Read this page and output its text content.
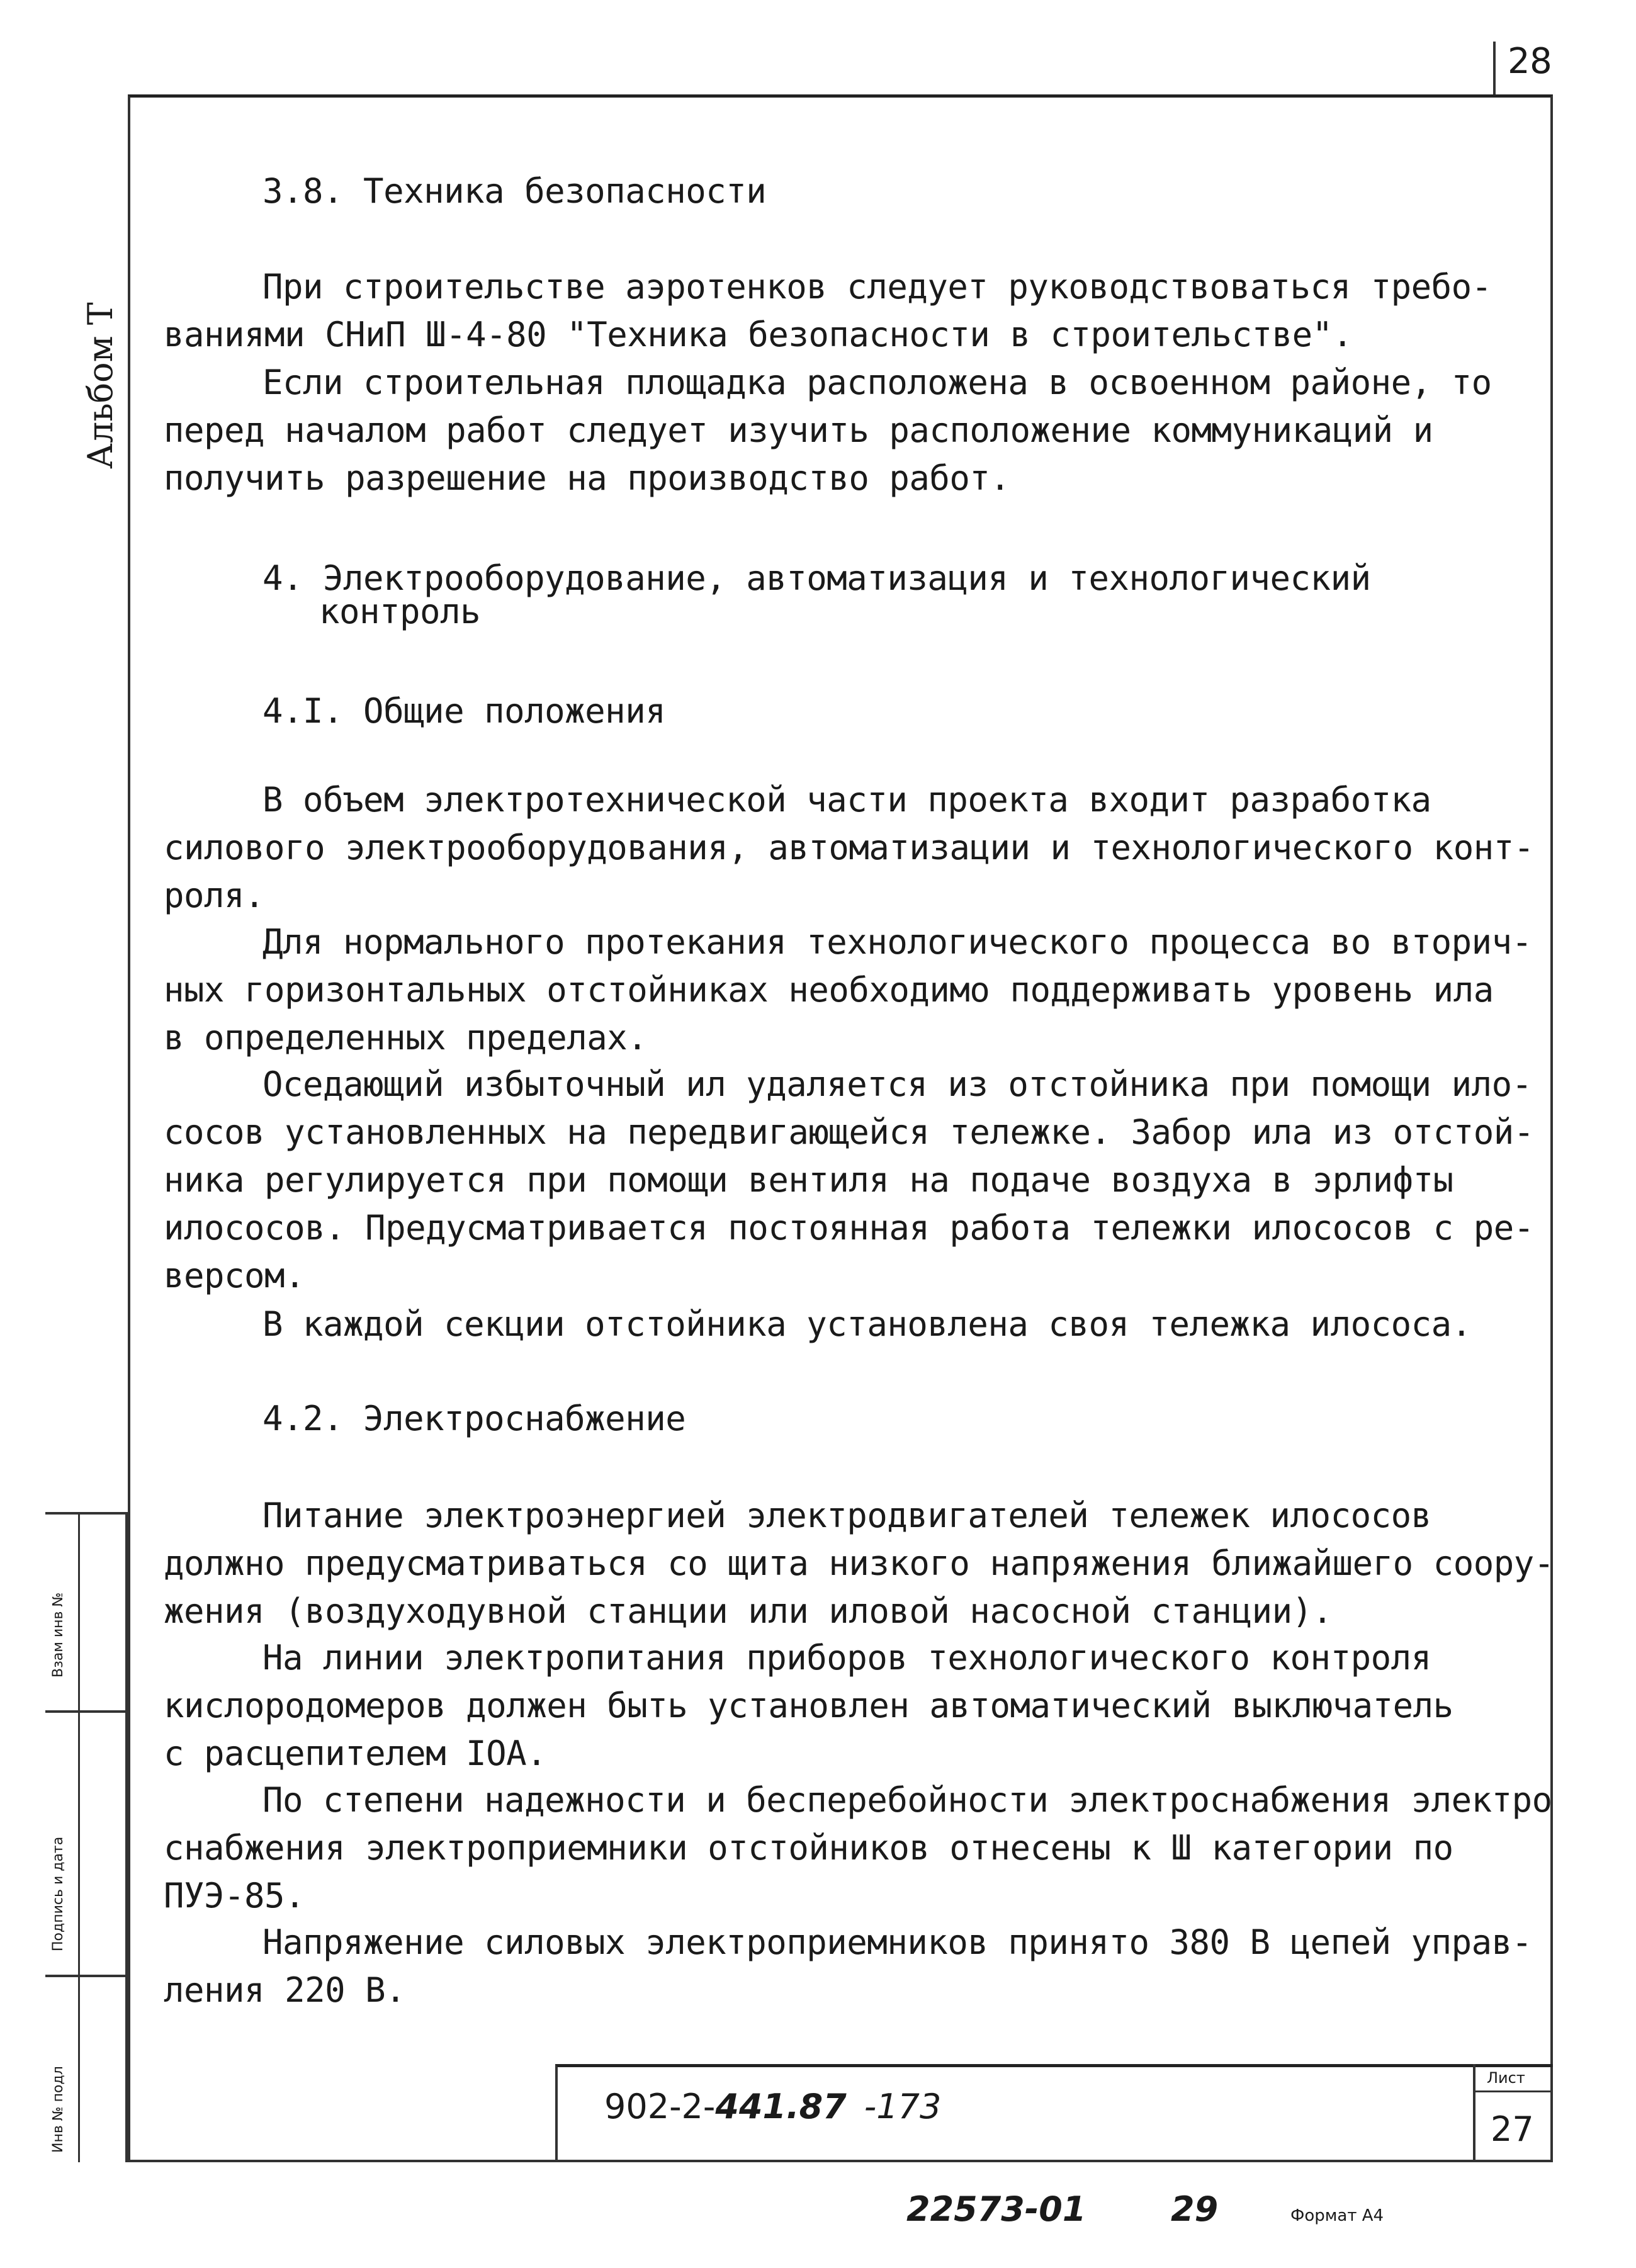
28
Альбом Т
Взам инв №
Подпись и дата
Инв № подл
3.8. Техника безопасности
При строительстве аэротенков следует руководствоваться требо-
ваниями СНиП Ш-4-80 "Техника безопасности в строительстве".
Если строительная площадка расположена в освоенном районе, то
перед началом работ следует изучить расположение коммуникаций и
получить разрешение на производство работ.
4. Электрооборудование, автоматизация и технологический
контроль
4.I. Общие положения
В объем электротехнической части проекта входит разработка
силового электрооборудования, автоматизации и технологического конт-
роля.
Для нормального протекания технологического процесса во вторич-
ных горизонтальных отстойниках необходимо поддерживать уровень ила
в определенных пределах.
Оседающий избыточный ил удаляется из отстойника при помощи ило-
сосов установленных на передвигающейся тележке. Забор ила из отстой-
ника регулируется при помощи вентиля на подаче воздуха в эрлифты
илососов. Предусматривается постоянная работа тележки илососов с ре-
версом.
В каждой секции отстойника установлена своя тележка илососа.
4.2. Электроснабжение
Питание электроэнергией электродвигателей тележек илососов
должно предусматриваться со щита низкого напряжения ближайшего соору-
жения (воздуходувной станции или иловой насосной станции).
На линии электропитания приборов технологического контроля
кислородомеров должен быть установлен автоматический выключатель
с расцепителем IOA.
По степени надежности и бесперебойности электроснабжения электро
снабжения электроприемники отстойников отнесены к Ш категории по
ПУЭ-85.
Напряжение силовых электроприемников принято 380 В цепей управ-
ления 220 В.
902-2-441.87 -173
Лист
27
22573-01 29	Формат А4
